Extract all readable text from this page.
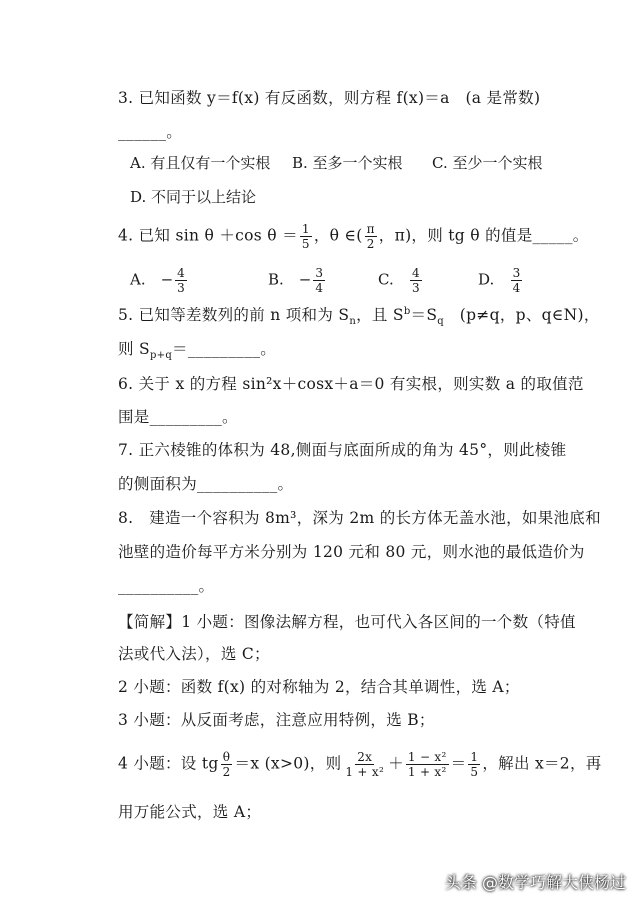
3. 已知函数 y＝f(x) 有反函数，则方程 f(x)＝a　(a 是常数)
______。
A. 有且仅有一个实根 B. 至多一个实根 C. 至少一个实根
D. 不同于以上结论
4. 已知 sin θ ＋cos $\theta = \frac{1}{5}$ ，θ ∈( $\frac{\pi}{2}$ ，π)，则 tg θ 的值是_____。
A.　− $\frac{4}{3}$	B.　− $\frac{3}{4}$	C. $\frac{4}{3}$	D. $\frac{3}{4}$
5. 已知等差数列的前 n 项和为 $S_n$，且 $S^b=S_q$　(p≠q，p、q∈N)，
则 $S_{p+q}=\_\_\_\_\_\_\_\_\_$。
6. 关于 x 的方程 sin²x＋cosx＋a＝0 有实根，则实数 a 的取值范
围是_________。
7. 正六棱锥的体积为 48,侧面与底面所成的角为 45°，则此棱锥
的侧面积为__________。
8.　建造一个容积为 8m³，深为 2m 的长方体无盖水池，如果池底和
池壁的造价每平方米分别为 120 元和 80 元，则水池的最低造价为
__________。
【简解】1 小题：图像法解方程，也可代入各区间的一个数（特值
法或代入法），选 C；
2 小题：函数 f(x) 的对称轴为 2，结合其单调性，选 A；
3 小题：从反面考虑，注意应用特例，选 B；
4 小题：设 tg $\frac{\theta}{2} =x$ (x>0)，则 $\frac{2x}{\text{1 + x²}} + \frac{\text{1 − x²}}{\text{1 + x²}} = \frac{1}{5}$ ，解出 x＝2，再
用万能公式，选 A；
头条 @数学巧解大侠杨过
